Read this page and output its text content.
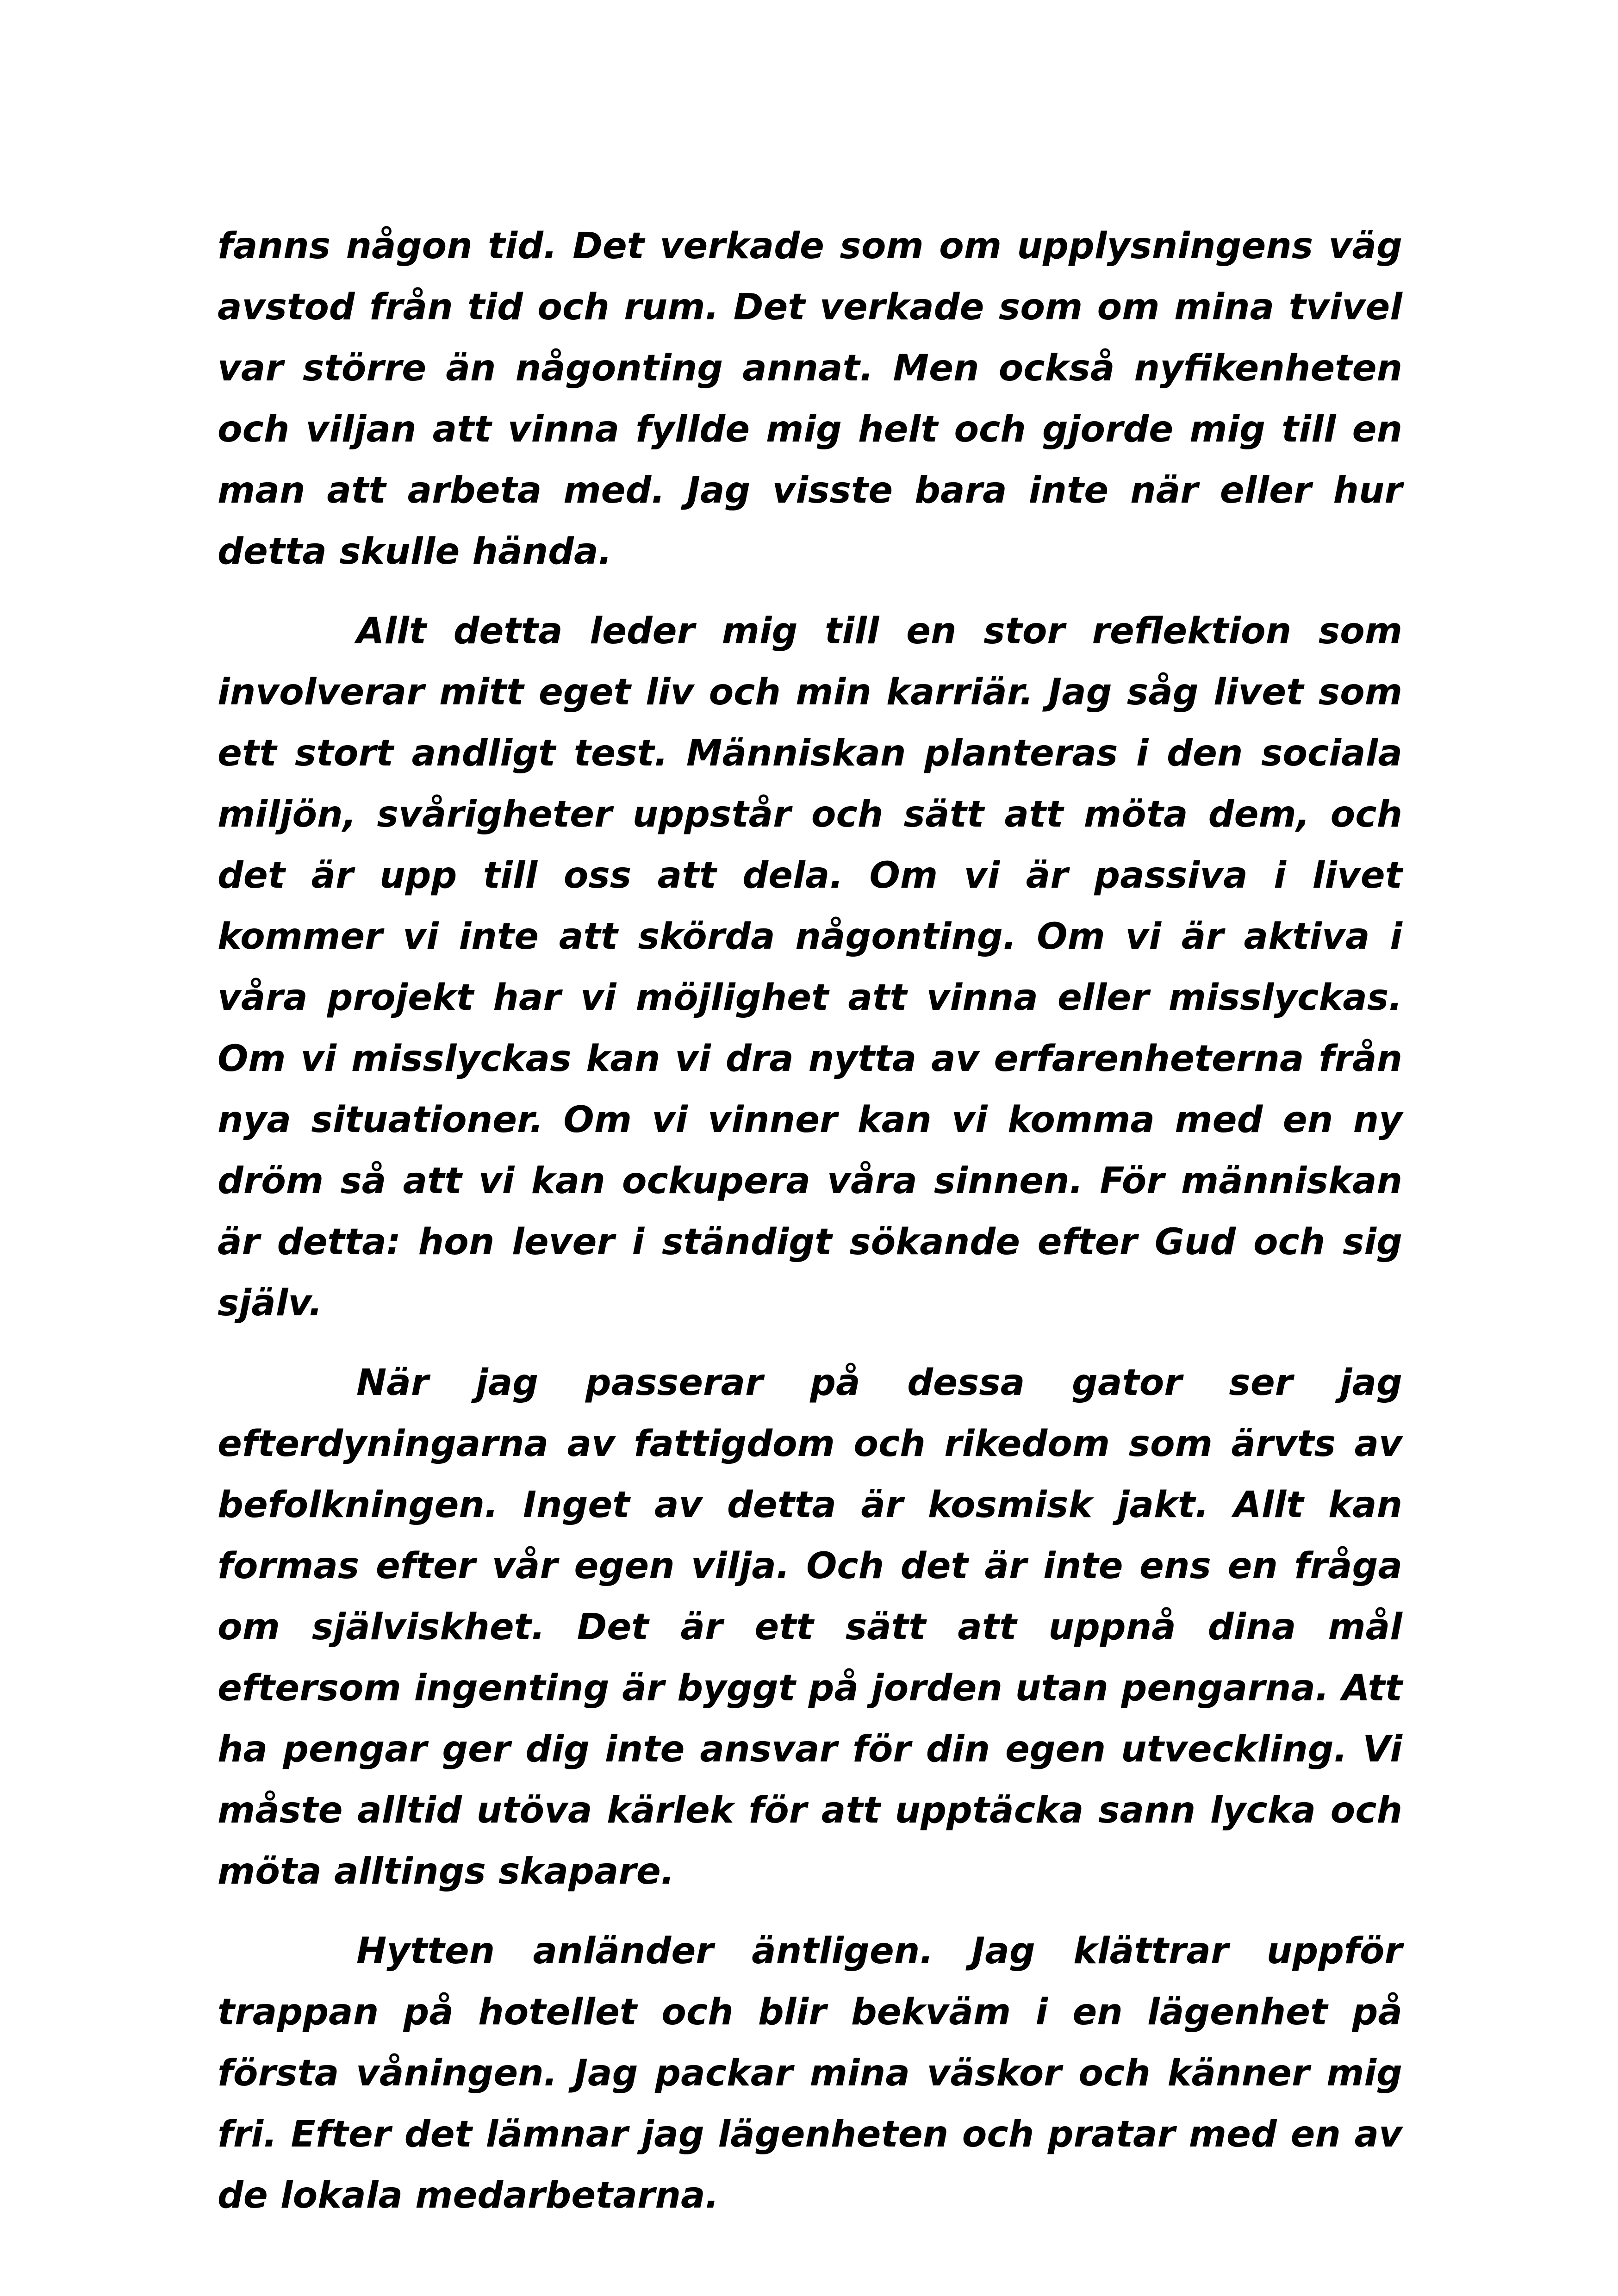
fanns någon tid. Det verkade som om upplysningens väg avstod från tid och rum. Det verkade som om mina tvivel var större än någonting annat. Men också nyfikenheten och viljan att vinna fyllde mig helt och gjorde mig till en man att arbeta med. Jag visste bara inte när eller hur detta skulle hända.

Allt detta leder mig till en stor reflektion som involverar mitt eget liv och min karriär. Jag såg livet som ett stort andligt test. Människan planteras i den sociala miljön, svårigheter uppstår och sätt att möta dem, och det är upp till oss att dela. Om vi är passiva i livet kommer vi inte att skörda någonting. Om vi är aktiva i våra projekt har vi möjlighet att vinna eller misslyckas. Om vi misslyckas kan vi dra nytta av erfarenheterna från nya situationer. Om vi vinner kan vi komma med en ny dröm så att vi kan ockupera våra sinnen. För människan är detta: hon lever i ständigt sökande efter Gud och sig själv.

När jag passerar på dessa gator ser jag efterdyningarna av fattigdom och rikedom som ärvts av befolkningen. Inget av detta är kosmisk jakt. Allt kan formas efter vår egen vilja. Och det är inte ens en fråga om själviskhet. Det är ett sätt att uppnå dina mål eftersom ingenting är byggt på jorden utan pengarna. Att ha pengar ger dig inte ansvar för din egen utveckling. Vi måste alltid utöva kärlek för att upptäcka sann lycka och möta alltings skapare.

Hytten anländer äntligen. Jag klättrar uppför trappan på hotellet och blir bekväm i en lägenhet på första våningen. Jag packar mina väskor och känner mig fri. Efter det lämnar jag lägenheten och pratar med en av de lokala medarbetarna.
